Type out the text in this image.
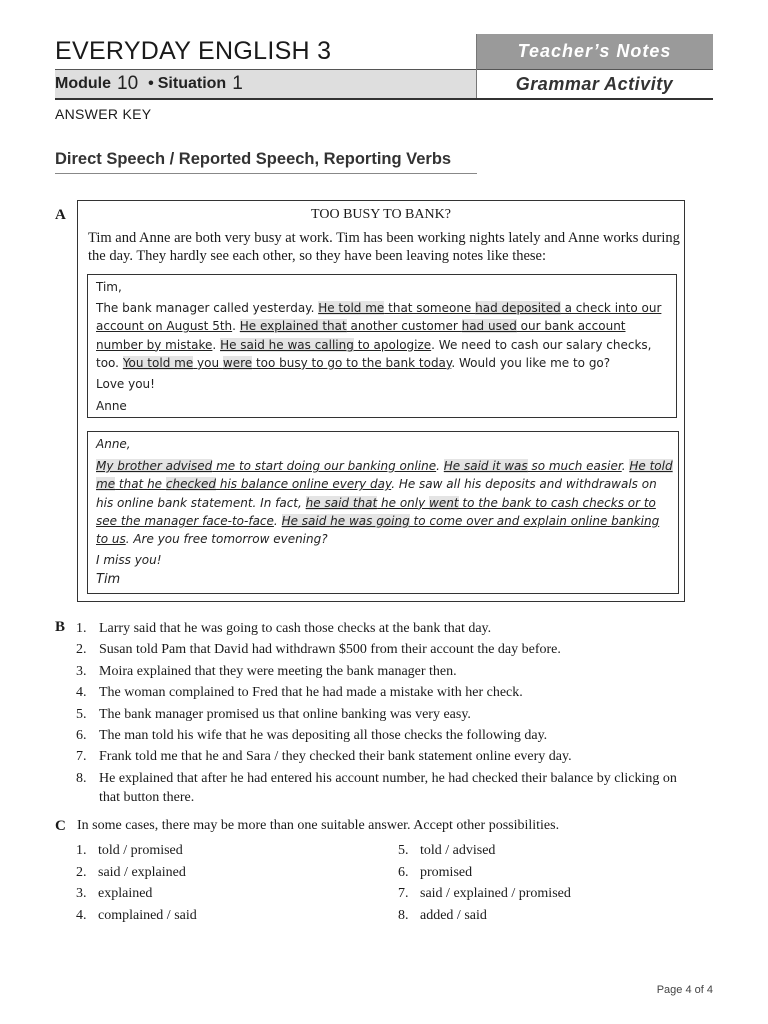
EVERYDAY ENGLISH 3	Teacher’s Notes
Module 10 • Situation 1	Grammar Activity
ANSWER KEY
Direct Speech / Reported Speech, Reporting Verbs
A	TOO BUSY TO BANK?
Tim and Anne are both very busy at work. Tim has been working nights lately and Anne works during the day. They hardly see each other, so they have been leaving notes like these:

Tim,

The bank manager called yesterday. He told me that someone had deposited a check into our account on August 5th. He explained that another customer had used our bank account number by mistake. He said he was calling to apologize. We need to cash our salary checks, too. You told me you were too busy to go to the bank today. Would you like me to go?

Love you!

Anne

Anne,

My brother advised me to start doing our banking online. He said it was so much easier. He told me that he checked his balance online every day. He saw all his deposits and withdrawals on his online bank statement. In fact, he said that he only went to the bank to cash checks or to see the manager face-to-face. He said he was going to come over and explain online banking to us. Are you free tomorrow evening?

I miss you!

Tim

B 1. Larry said that he was going to cash those checks at the bank that day.
2. Susan told Pam that David had withdrawn $500 from their account the day before.
3. Moira explained that they were meeting the bank manager then.
4. The woman complained to Fred that he had made a mistake with her check.
5. The bank manager promised us that online banking was very easy.
6. The man told his wife that he was depositing all those checks the following day.
7. Frank told me that he and Sara / they checked their bank statement online every day.
8. He explained that after he had entered his account number, he had checked their balance by clicking on that button there.
C In some cases, there may be more than one suitable answer. Accept other possibilities.
1. told / promised
2. said / explained
3. explained
4. complained / said
5. told / advised
6. promised
7. said / explained / promised
8. added / said
Page 4 of 4
